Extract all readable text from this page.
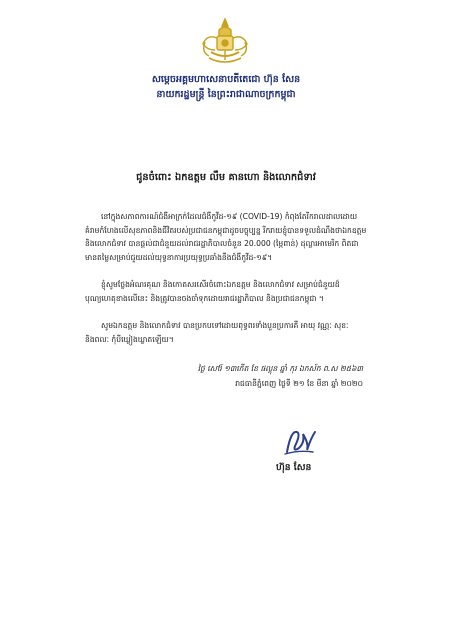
សម្តេចអគ្គមហាសេនាបតីតេជោ ហ៊ុន សែន
នាយករដ្ឋមន្ត្រី នៃព្រះរាជាណាចក្រកម្ពុជា
ជូនចំពោះ ឯកឧត្តម លឹម គានហោ និងលោកជំទាវ
នៅក្នុងសភាពការណ៍ជំងឺអាក្រក់ដែលជំងឺកូវីដ-១៩ (COVID-19) កំពុងតែរីករាលដាលដោយ
គំរាមកំហែងលើសុខភាពនិងជីវិតរបស់ប្រជាជនកម្ពុជាដូចបច្ចុប្បន្ន រីករាយខ្ញុំបានទទួលដំណឹងថាឯកឧត្តម
និងលោកជំទាវ បានផ្តល់ជាជំនួយដល់រាជរដ្ឋាភិបាលចំនួន 20.000 (ម្ភៃពាន់) ដុល្លារអាមេរិក ពិតជា
មានតម្លៃសម្រាប់ជួយដល់យុទ្ធនាការប្រយុទ្ធប្រឆាំងនឹងជំងឺកូវីដ-១៩។
ខ្ញុំសូមថ្លែងអំណរគុណ និងកោតសរសើរចំពោះឯកឧត្តម និងលោកជំទាវ សម្រាប់ជំនួយដ៏
បុណ្យហេតុខាងលើនេះ និងត្រូវបានចងចាំទុកដោយរាជរដ្ឋាភិបាល និងប្រជាជនកម្ពុជា ។
សូមឯកឧត្តម និងលោកជំទាវ បានប្រកបទៅដោយពុទ្ធពរទាំងបួនប្រការគឺ អាយុ វណ្ណៈ សុខៈ
និងពលៈ កុំបីឃ្លៀងឃ្លាតឡើយ។
ថ្ងៃ សៅរ៍ ១៣កើត ខែ ផល្គុន ឆ្នាំ កុរ ឯកស័ក ព.ស ២៥៦៣
រាជធានីភ្នំពេញ ថ្ងៃទី ២១ ខែ មីនា ឆ្នាំ ២០២០
ហ៊ុន សែន
